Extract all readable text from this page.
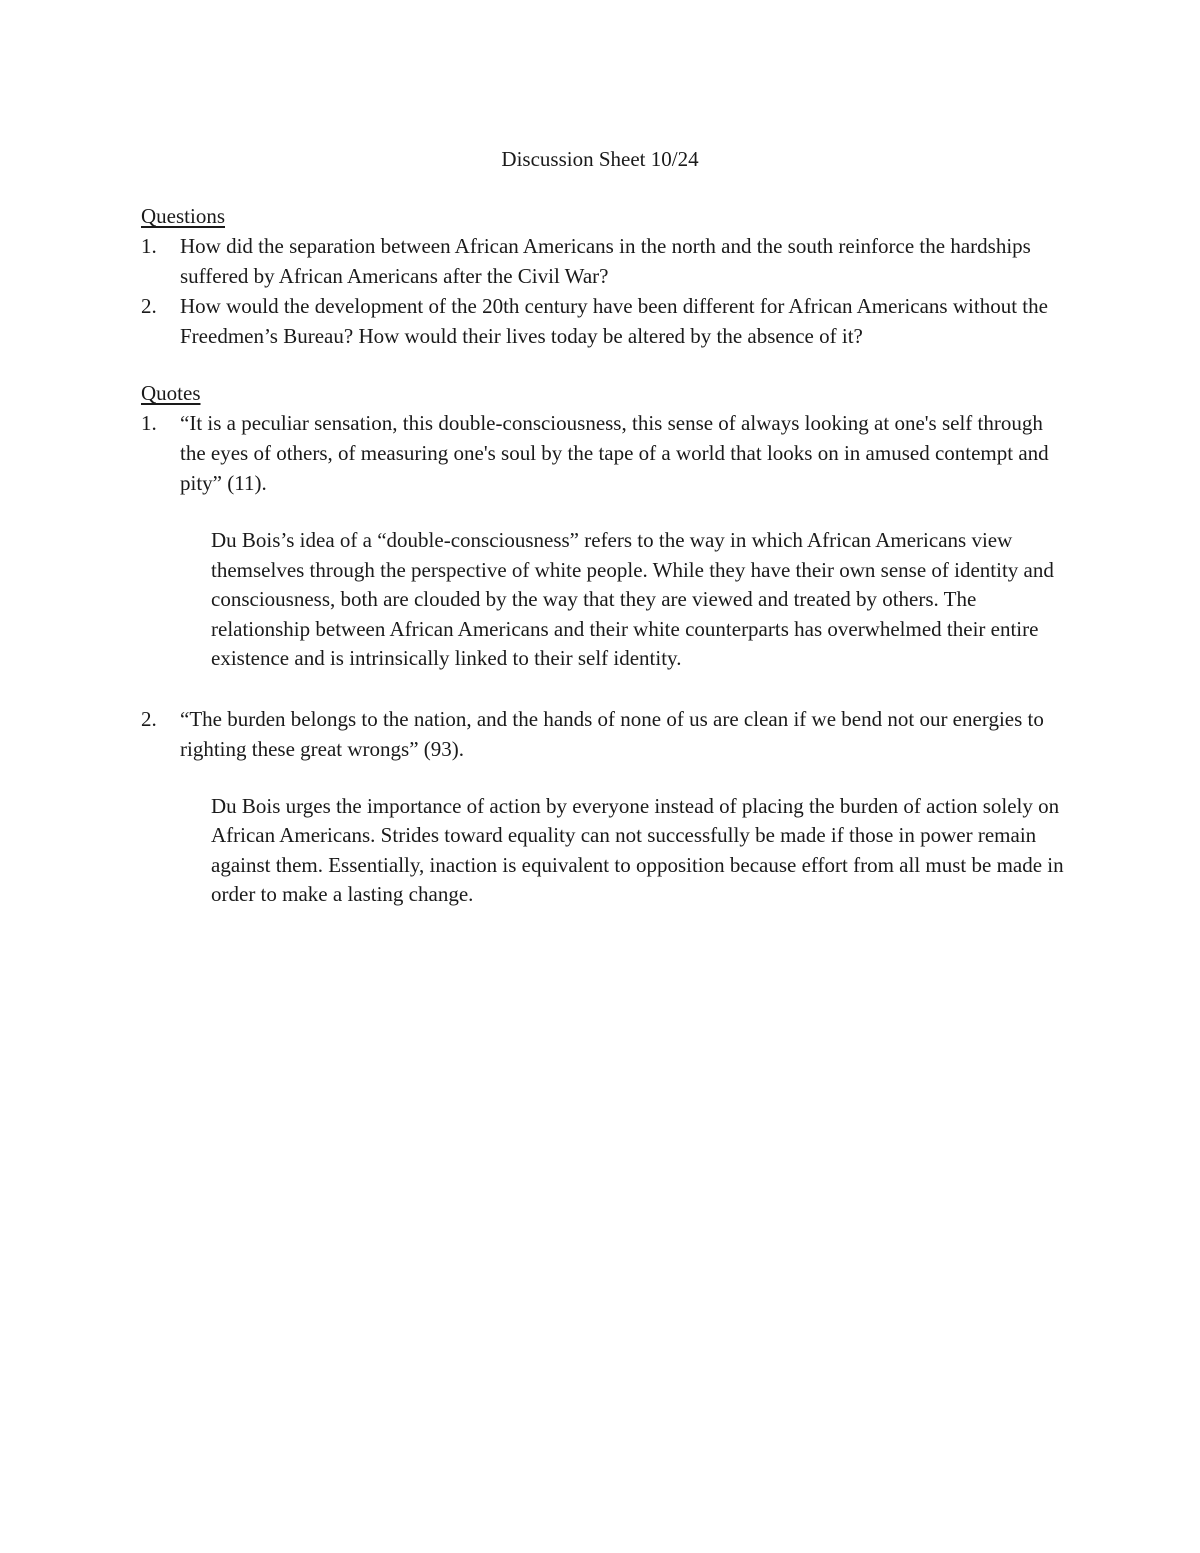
Discussion Sheet 10/24
Questions
1. How did the separation between African Americans in the north and the south reinforce the hardships suffered by African Americans after the Civil War?
2. How would the development of the 20th century have been different for African Americans without the Freedmen’s Bureau? How would their lives today be altered by the absence of it?
Quotes
1. “It is a peculiar sensation, this double-consciousness, this sense of always looking at one's self through the eyes of others, of measuring one's soul by the tape of a world that looks on in amused contempt and pity” (11).
Du Bois’s idea of a “double-consciousness” refers to the way in which African Americans view themselves through the perspective of white people. While they have their own sense of identity and consciousness, both are clouded by the way that they are viewed and treated by others. The relationship between African Americans and their white counterparts has overwhelmed their entire existence and is intrinsically linked to their self identity.
2. “The burden belongs to the nation, and the hands of none of us are clean if we bend not our energies to righting these great wrongs” (93).
Du Bois urges the importance of action by everyone instead of placing the burden of action solely on African Americans. Strides toward equality can not successfully be made if those in power remain against them. Essentially, inaction is equivalent to opposition because effort from all must be made in order to make a lasting change.
